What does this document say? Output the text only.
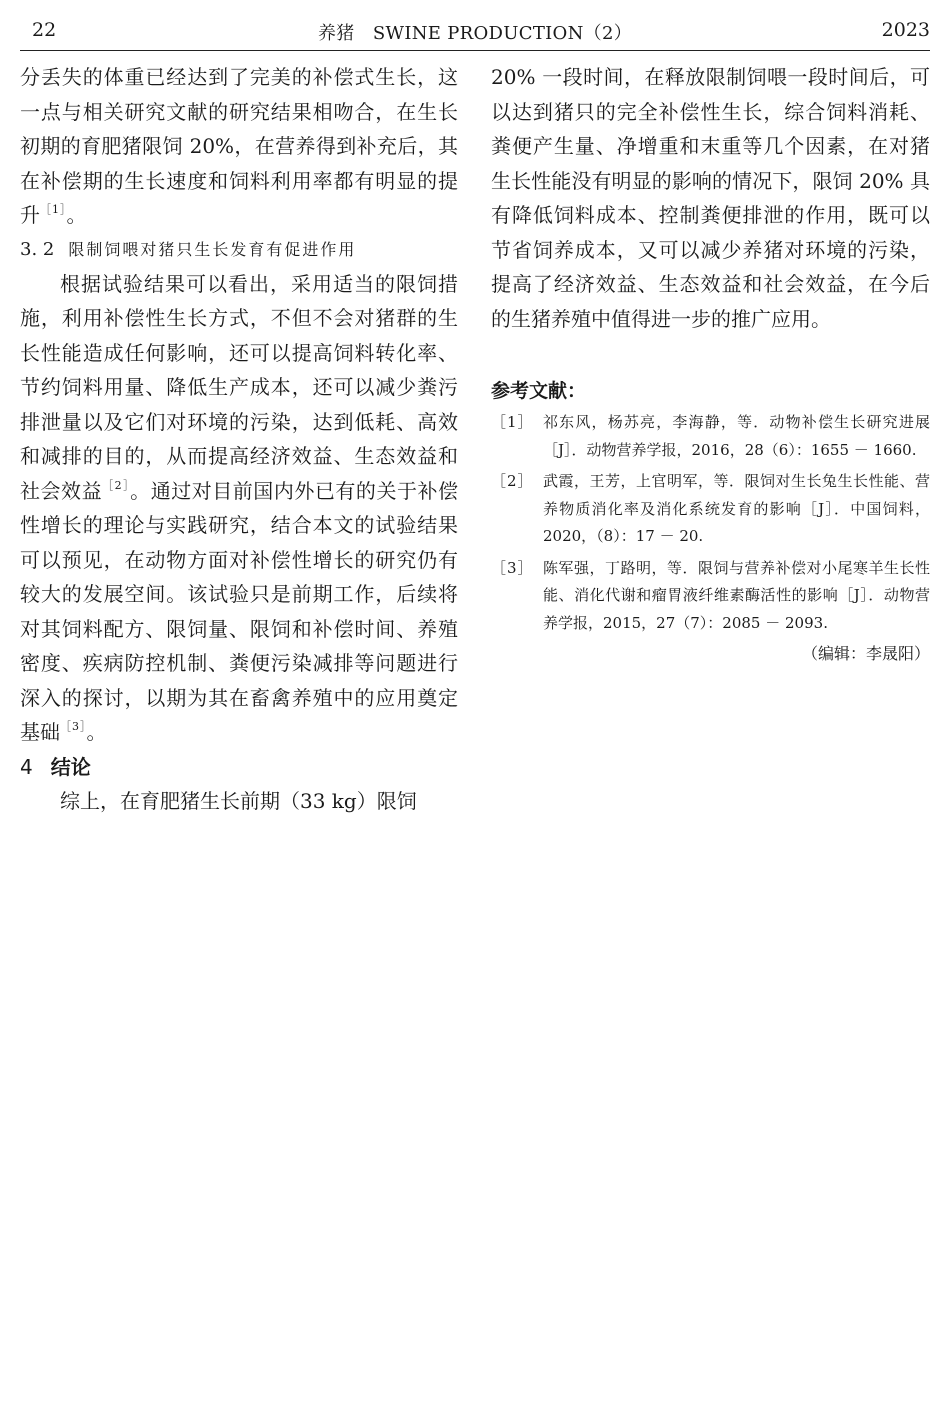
22	养猪　SWINE PRODUCTION（2）	2023

分丢失的体重已经达到了完美的补偿式生长，这一点与相关研究文献的研究结果相吻合，在生长初期的育肥猪限饲 20%，在营养得到补充后，其在补偿期的生长速度和饲料利用率都有明显的提升$^{[1]}$。

3. 2 限制饲喂对猪只生长发育有促进作用

根据试验结果可以看出，采用适当的限饲措施，利用补偿性生长方式，不但不会对猪群的生长性能造成任何影响，还可以提高饲料转化率、节约饲料用量、降低生产成本，还可以减少粪污排泄量以及它们对环境的污染，达到低耗、高效和减排的目的，从而提高经济效益、生态效益和社会效益$^{[2]}$。通过对目前国内外已有的关于补偿性增长的理论与实践研究，结合本文的试验结果可以预见，在动物方面对补偿性增长的研究仍有较大的发展空间。该试验只是前期工作，后续将对其饲料配方、限饲量、限饲和补偿时间、养殖密度、疾病防控机制、粪便污染减排等问题进行深入的探讨，以期为其在畜禽养殖中的应用奠定基础$^{[3]}$。

4 结论

综上，在育肥猪生长前期（33 kg）限饲

20% 一段时间，在释放限制饲喂一段时间后，可以达到猪只的完全补偿性生长，综合饲料消耗、粪便产生量、净增重和末重等几个因素，在对猪生长性能没有明显的影响的情况下，限饲 20% 具有降低饲料成本、控制粪便排泄的作用，既可以节省饲养成本，又可以减少养猪对环境的污染，提高了经济效益、生态效益和社会效益，在今后的生猪养殖中值得进一步的推广应用。

参考文献：

［1］ 祁东风，杨苏亮，李海静，等．动物补偿生长研究进展［J］．动物营养学报，2016，28（6）：1655 － 1660.

［2］ 武霞，王芳，上官明军，等．限饲对生长兔生长性能、营养物质消化率及消化系统发育的影响［J］．中国饲料，2020，（8）：17 － 20.

［3］ 陈军强，丁路明，等．限饲与营养补偿对小尾寒羊生长性能、消化代谢和瘤胃液纤维素酶活性的影响［J］．动物营养学报，2015，27（7）：2085 － 2093.

（编辑：李晟阳）
